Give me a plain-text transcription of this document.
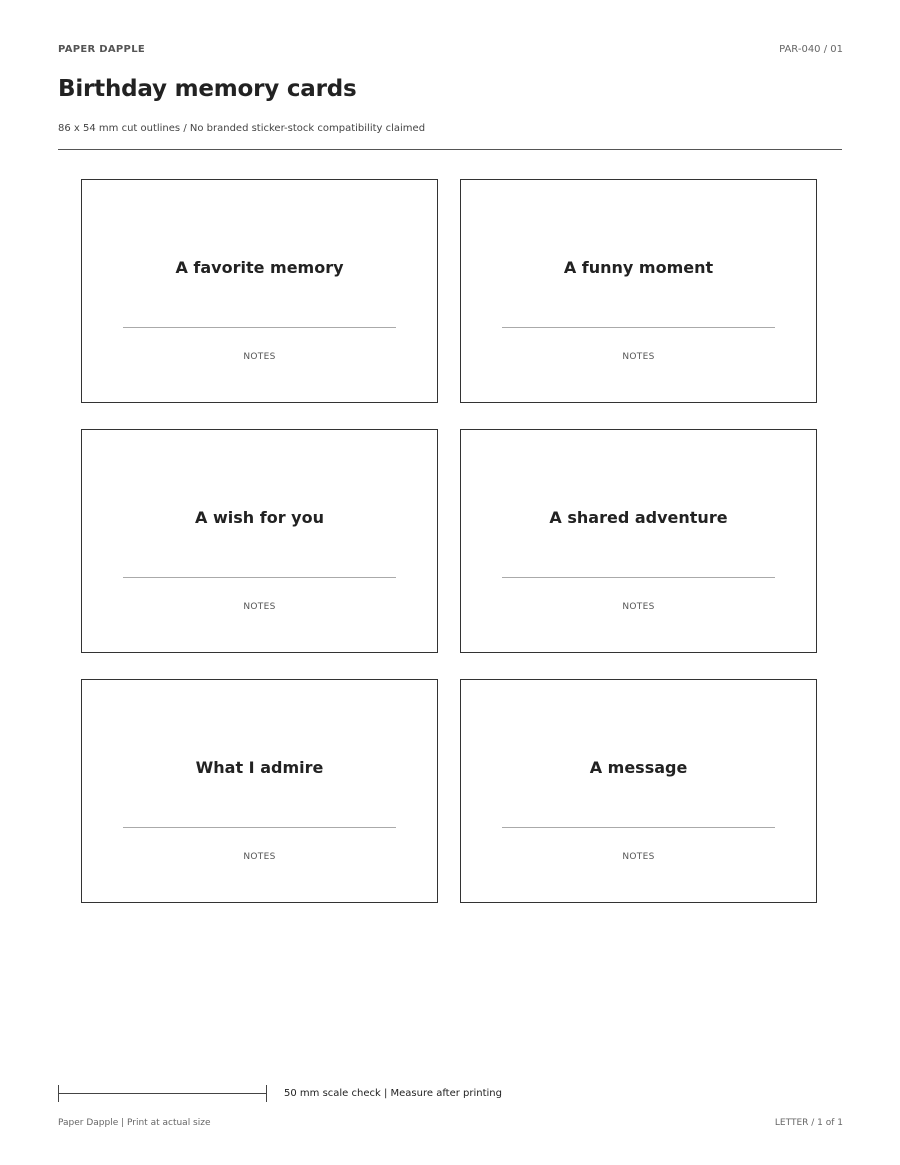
PAPER DAPPLE	PAR-040 / 01
Birthday memory cards
86 x 54 mm cut outlines / No branded sticker-stock compatibility claimed
A favorite memory
NOTES
A funny moment
NOTES
A wish for you
NOTES
A shared adventure
NOTES
What I admire
NOTES
A message
NOTES
50 mm scale check | Measure after printing
Paper Dapple | Print at actual size	LETTER / 1 of 1
